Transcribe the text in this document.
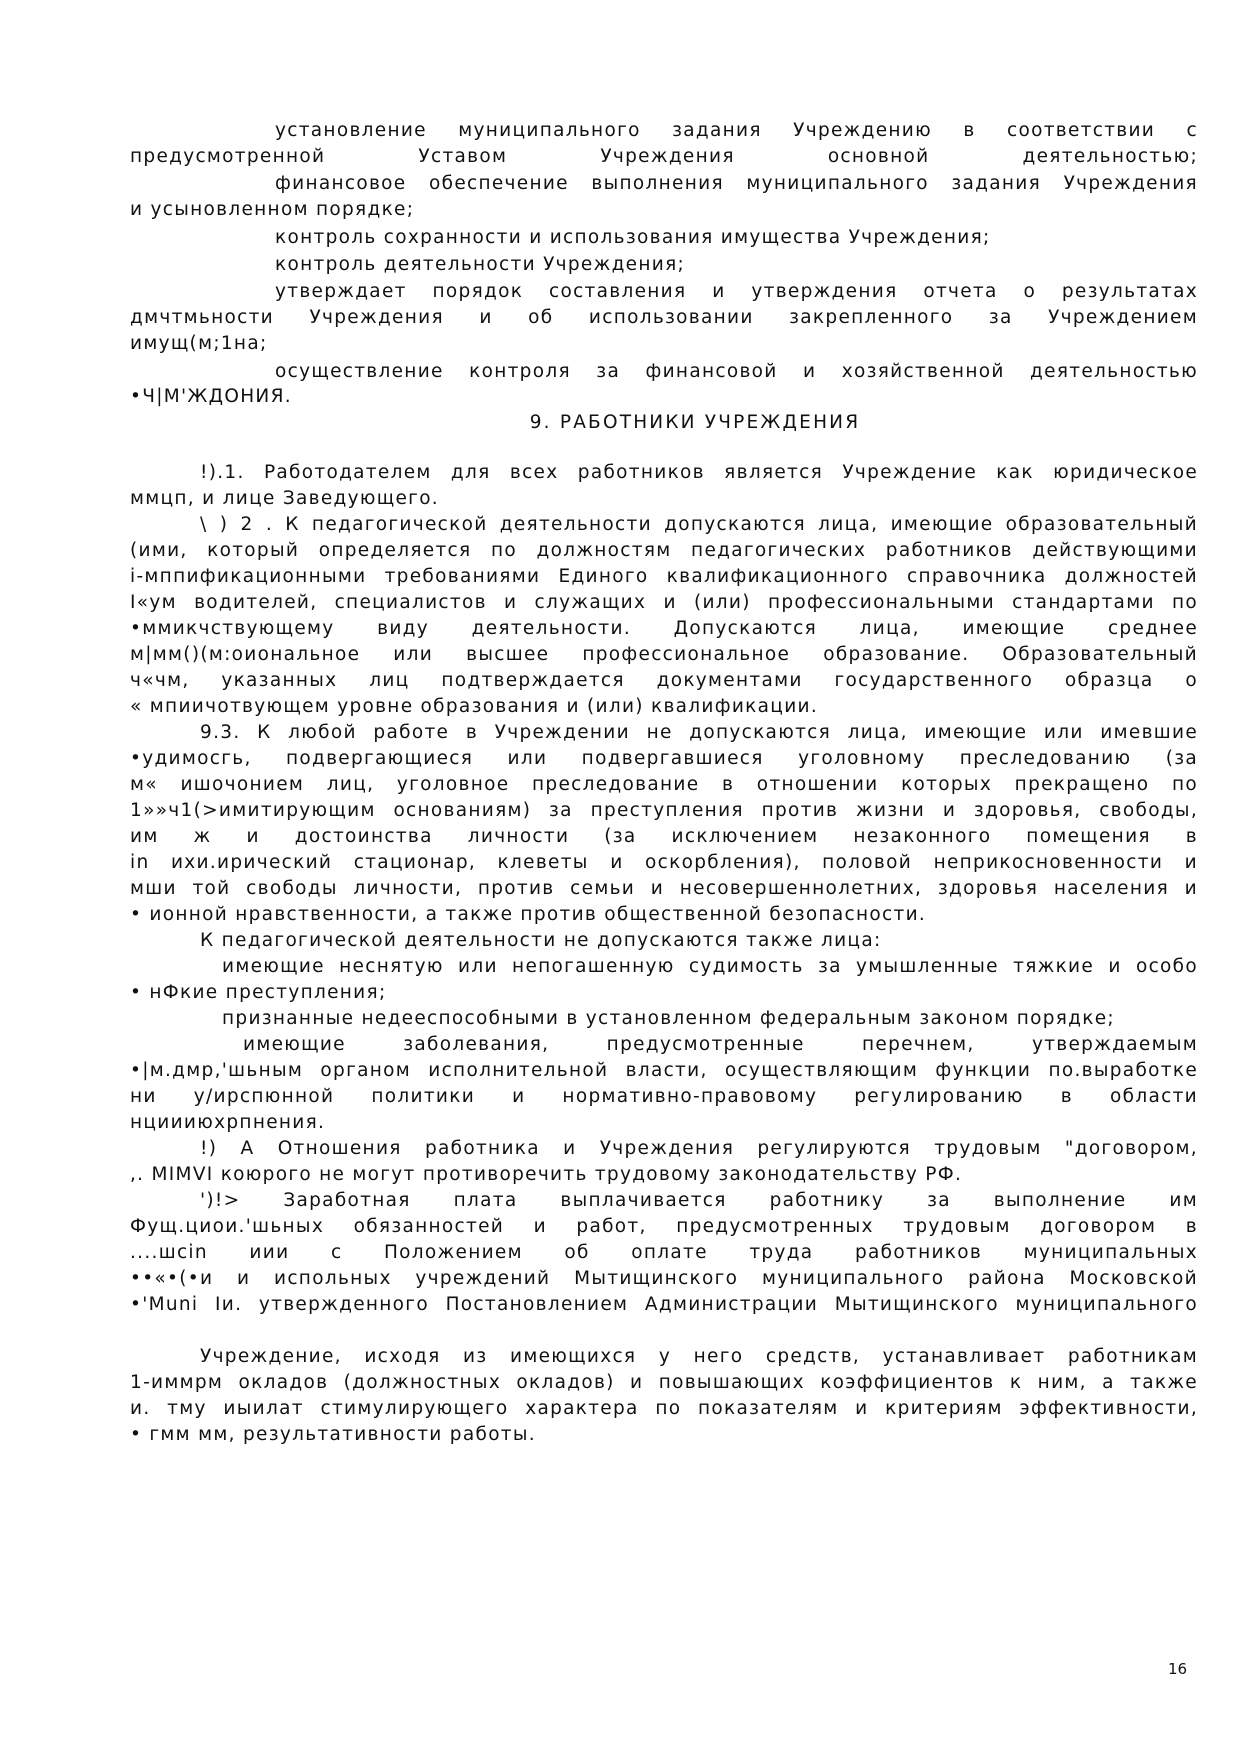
установление муниципального задания Учреждению в соответствии с
предусмотренной Уставом Учреждения основной деятельностью;
финансовое обеспечение выполнения муниципального задания Учреждения
и усыновленном порядке;
контроль сохранности и использования имущества Учреждения;
контроль деятельности Учреждения;
утверждает порядок составления и утверждения отчета о результатах
дмчтмьности Учреждения и об использовании закрепленного за Учреждением
имущ(м;1на;
осуществление контроля за финансовой и хозяйственной деятельностью
•Ч|М'ЖДОНИЯ.
9. РАБОТНИКИ УЧРЕЖДЕНИЯ
!).1. Работодателем для всех работников является Учреждение как юридическое
ммцп, и лице Заведующего.
\ ) 2 . К педагогической деятельности допускаются лица, имеющие образовательный
(ими, который определяется по должностям педагогических работников действующими
i-мппификационными требованиями Единого квалификационного справочника должностей
I«ум водителей, специалистов и служащих и (или) профессиональными стандартами по
•ммикчствующему виду деятельности. Допускаются лица, имеющие среднее
м|мм()(м:оиональное или высшее профессиональное образование. Образовательный
ч«чм, указанных лиц подтверждается документами государственного образца о
« мпиичотвующем уровне образования и (или) квалификации.
9.3. К любой работе в Учреждении не допускаются лица, имеющие или имевшие
•удимосгь, подвергающиеся или подвергавшиеся уголовному преследованию (за
м« ишочонием лиц, уголовное преследование в отношении которых прекращено по
1»»ч1(>имитирующим основаниям) за преступления против жизни и здоровья, свободы,
им ж и достоинства личности (за исключением незаконного помещения в
in ихи.ирический стационар, клеветы и оскорбления), половой неприкосновенности и
мши той свободы личности, против семьи и несовершеннолетних, здоровья населения и
• ионной нравственности, а также против общественной безопасности.
К педагогической деятельности не допускаются также лица:
имеющие неснятую или непогашенную судимость за умышленные тяжкие и особо
• нФкие преступления;
признанные недееспособными в установленном федеральным законом порядке;
имеющие заболевания, предусмотренные перечнем, утверждаемым
•|м.дмр,'шьным органом исполнительной власти, осуществляющим функции по.выработке
ни у/ирспюнной политики и нормативно-правовому регулированию в области
нциииюхрпнения.
!) А Отношения работника и Учреждения регулируются трудовым "договором,
,. MIMVI коюрого не могут противоречить трудовому законодательству РФ.
')!> Заработная плата выплачивается работнику за выполнение им
Фущ.циои.'шьных обязанностей и работ, предусмотренных трудовым договором в
....шcin иии с Положением об оплате труда работников муниципальных
••«•(•и и испольных учреждений Мытищинского муниципального района Московской
•'Muni Iи. утвержденного Постановлением Администрации Мытищинского муниципального
Учреждение, исходя из имеющихся у него средств, устанавливает работникам
1-иммрм окладов (должностных окладов) и повышающих коэффициентов к ним, а также
и. тму иыилат стимулирующего характера по показателям и критериям эффективности,
• гмм мм, результативности работы.
16
